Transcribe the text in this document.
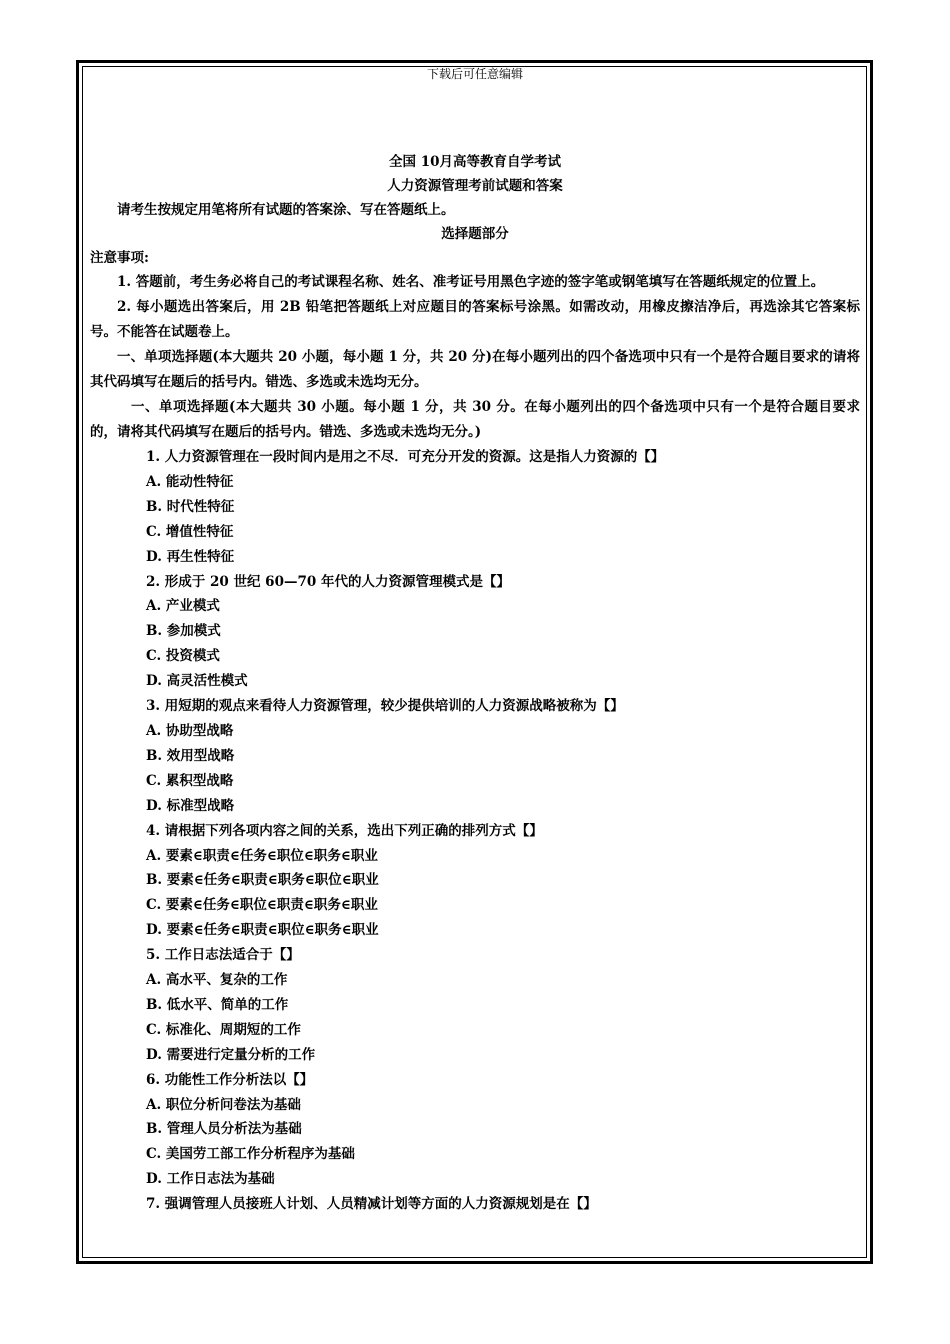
下载后可任意编辑
全国 10月高等教育自学考试
人力资源管理考前试题和答案

请考生按规定用笔将所有试题的答案涂、写在答题纸上。

选择题部分

注意事项:

1. 答题前，考生务必将自己的考试课程名称、姓名、准考证号用黑色字迹的签字笔或钢笔填写在答题纸规定的位置上。

2. 每小题选出答案后，用 2B 铅笔把答题纸上对应题目的答案标号涂黑。如需改动，用橡皮擦洁净后，再选涂其它答案标号。不能答在试题卷上。

一、单项选择题(本大题共 20 小题，每小题 1 分，共 20 分)在每小题列出的四个备选项中只有一个是符合题目要求的请将其代码填写在题后的括号内。错选、多选或未选均无分。

一、单项选择题(本大题共 30 小题。每小题 1 分，共 30 分。在每小题列出的四个备选项中只有一个是符合题目要求的，请将其代码填写在题后的括号内。错选、多选或未选均无分。)

1. 人力资源管理在一段时间内是用之不尽．可充分开发的资源。这是指人力资源的【】

A. 能动性特征

B. 时代性特征

C. 增值性特征

D. 再生性特征

2. 形成于 20 世纪 60—70 年代的人力资源管理模式是【】

A. 产业模式

B. 参加模式

C. 投资模式

D. 高灵活性模式

3. 用短期的观点来看待人力资源管理，较少提供培训的人力资源战略被称为【】

A. 协助型战略

B. 效用型战略

C. 累积型战略

D. 标准型战略

4. 请根据下列各项内容之间的关系，选出下列正确的排列方式【】

A. 要素∈职责∈任务∈职位∈职务∈职业

B. 要素∈任务∈职责∈职务∈职位∈职业

C. 要素∈任务∈职位∈职责∈职务∈职业

D. 要素∈任务∈职责∈职位∈职务∈职业

5. 工作日志法适合于【】

A. 高水平、复杂的工作

B. 低水平、简单的工作

C. 标准化、周期短的工作

D. 需要进行定量分析的工作

6. 功能性工作分析法以【】

A. 职位分析问卷法为基础

B. 管理人员分析法为基础

C. 美国劳工部工作分析程序为基础

D. 工作日志法为基础

7. 强调管理人员接班人计划、人员精减计划等方面的人力资源规划是在【】
